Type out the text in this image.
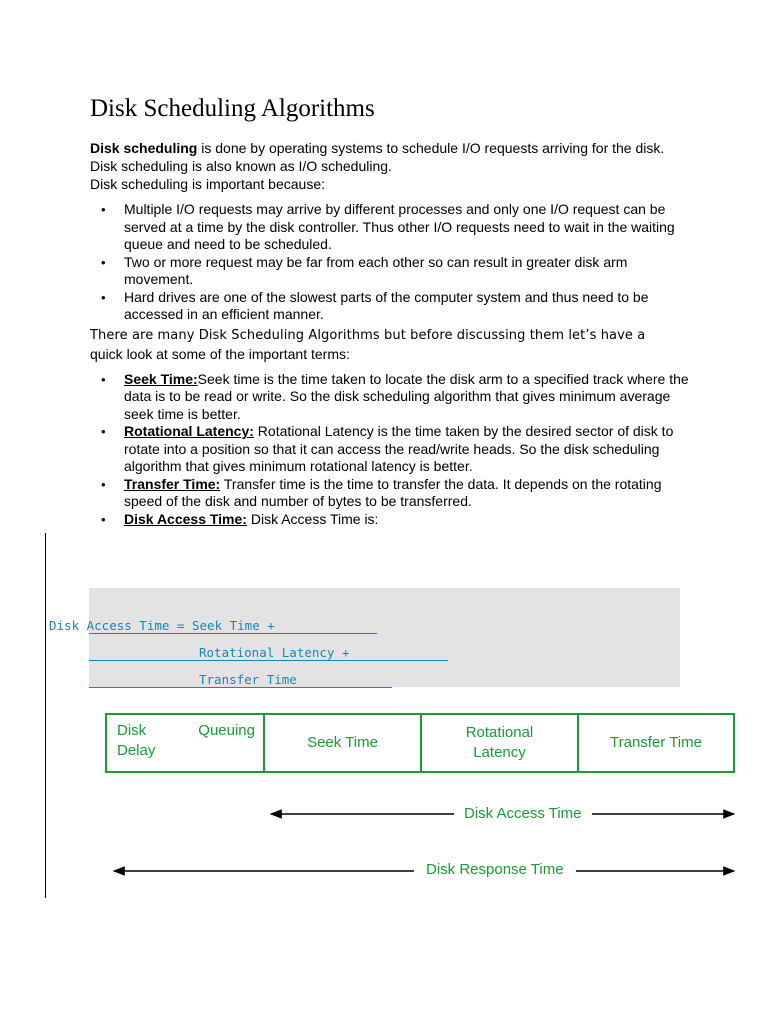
Disk Scheduling Algorithms

Disk scheduling is done by operating systems to schedule I/O requests arriving for the disk. Disk scheduling is also known as I/O scheduling.

Disk scheduling is important because:

• Multiple I/O requests may arrive by different processes and only one I/O request can be served at a time by the disk controller. Thus other I/O requests need to wait in the waiting queue and need to be scheduled.
• Two or more request may be far from each other so can result in greater disk arm movement.
• Hard drives are one of the slowest parts of the computer system and thus need to be accessed in an efficient manner.

There are many Disk Scheduling Algorithms but before discussing them let’s have a
quick look at some of the important terms:

• Seek Time:Seek time is the time taken to locate the disk arm to a specified track where the data is to be read or write. So the disk scheduling algorithm that gives minimum average seek time is better.
• Rotational Latency: Rotational Latency is the time taken by the desired sector of disk to rotate into a position so that it can access the read/write heads. So the disk scheduling algorithm that gives minimum rotational latency is better.
• Transfer Time: Transfer time is the time to transfer the data. It depends on the rotating speed of the disk and number of bytes to be transferred.
• Disk Access Time: Disk Access Time is:

Disk Access Time = Seek Time +

Rotational Latency +

Transfer Time

Disk	Queuing
Delay	Seek Time
Rotational
Latency
Transfer Time
Disk Access Time
Disk Response Time
